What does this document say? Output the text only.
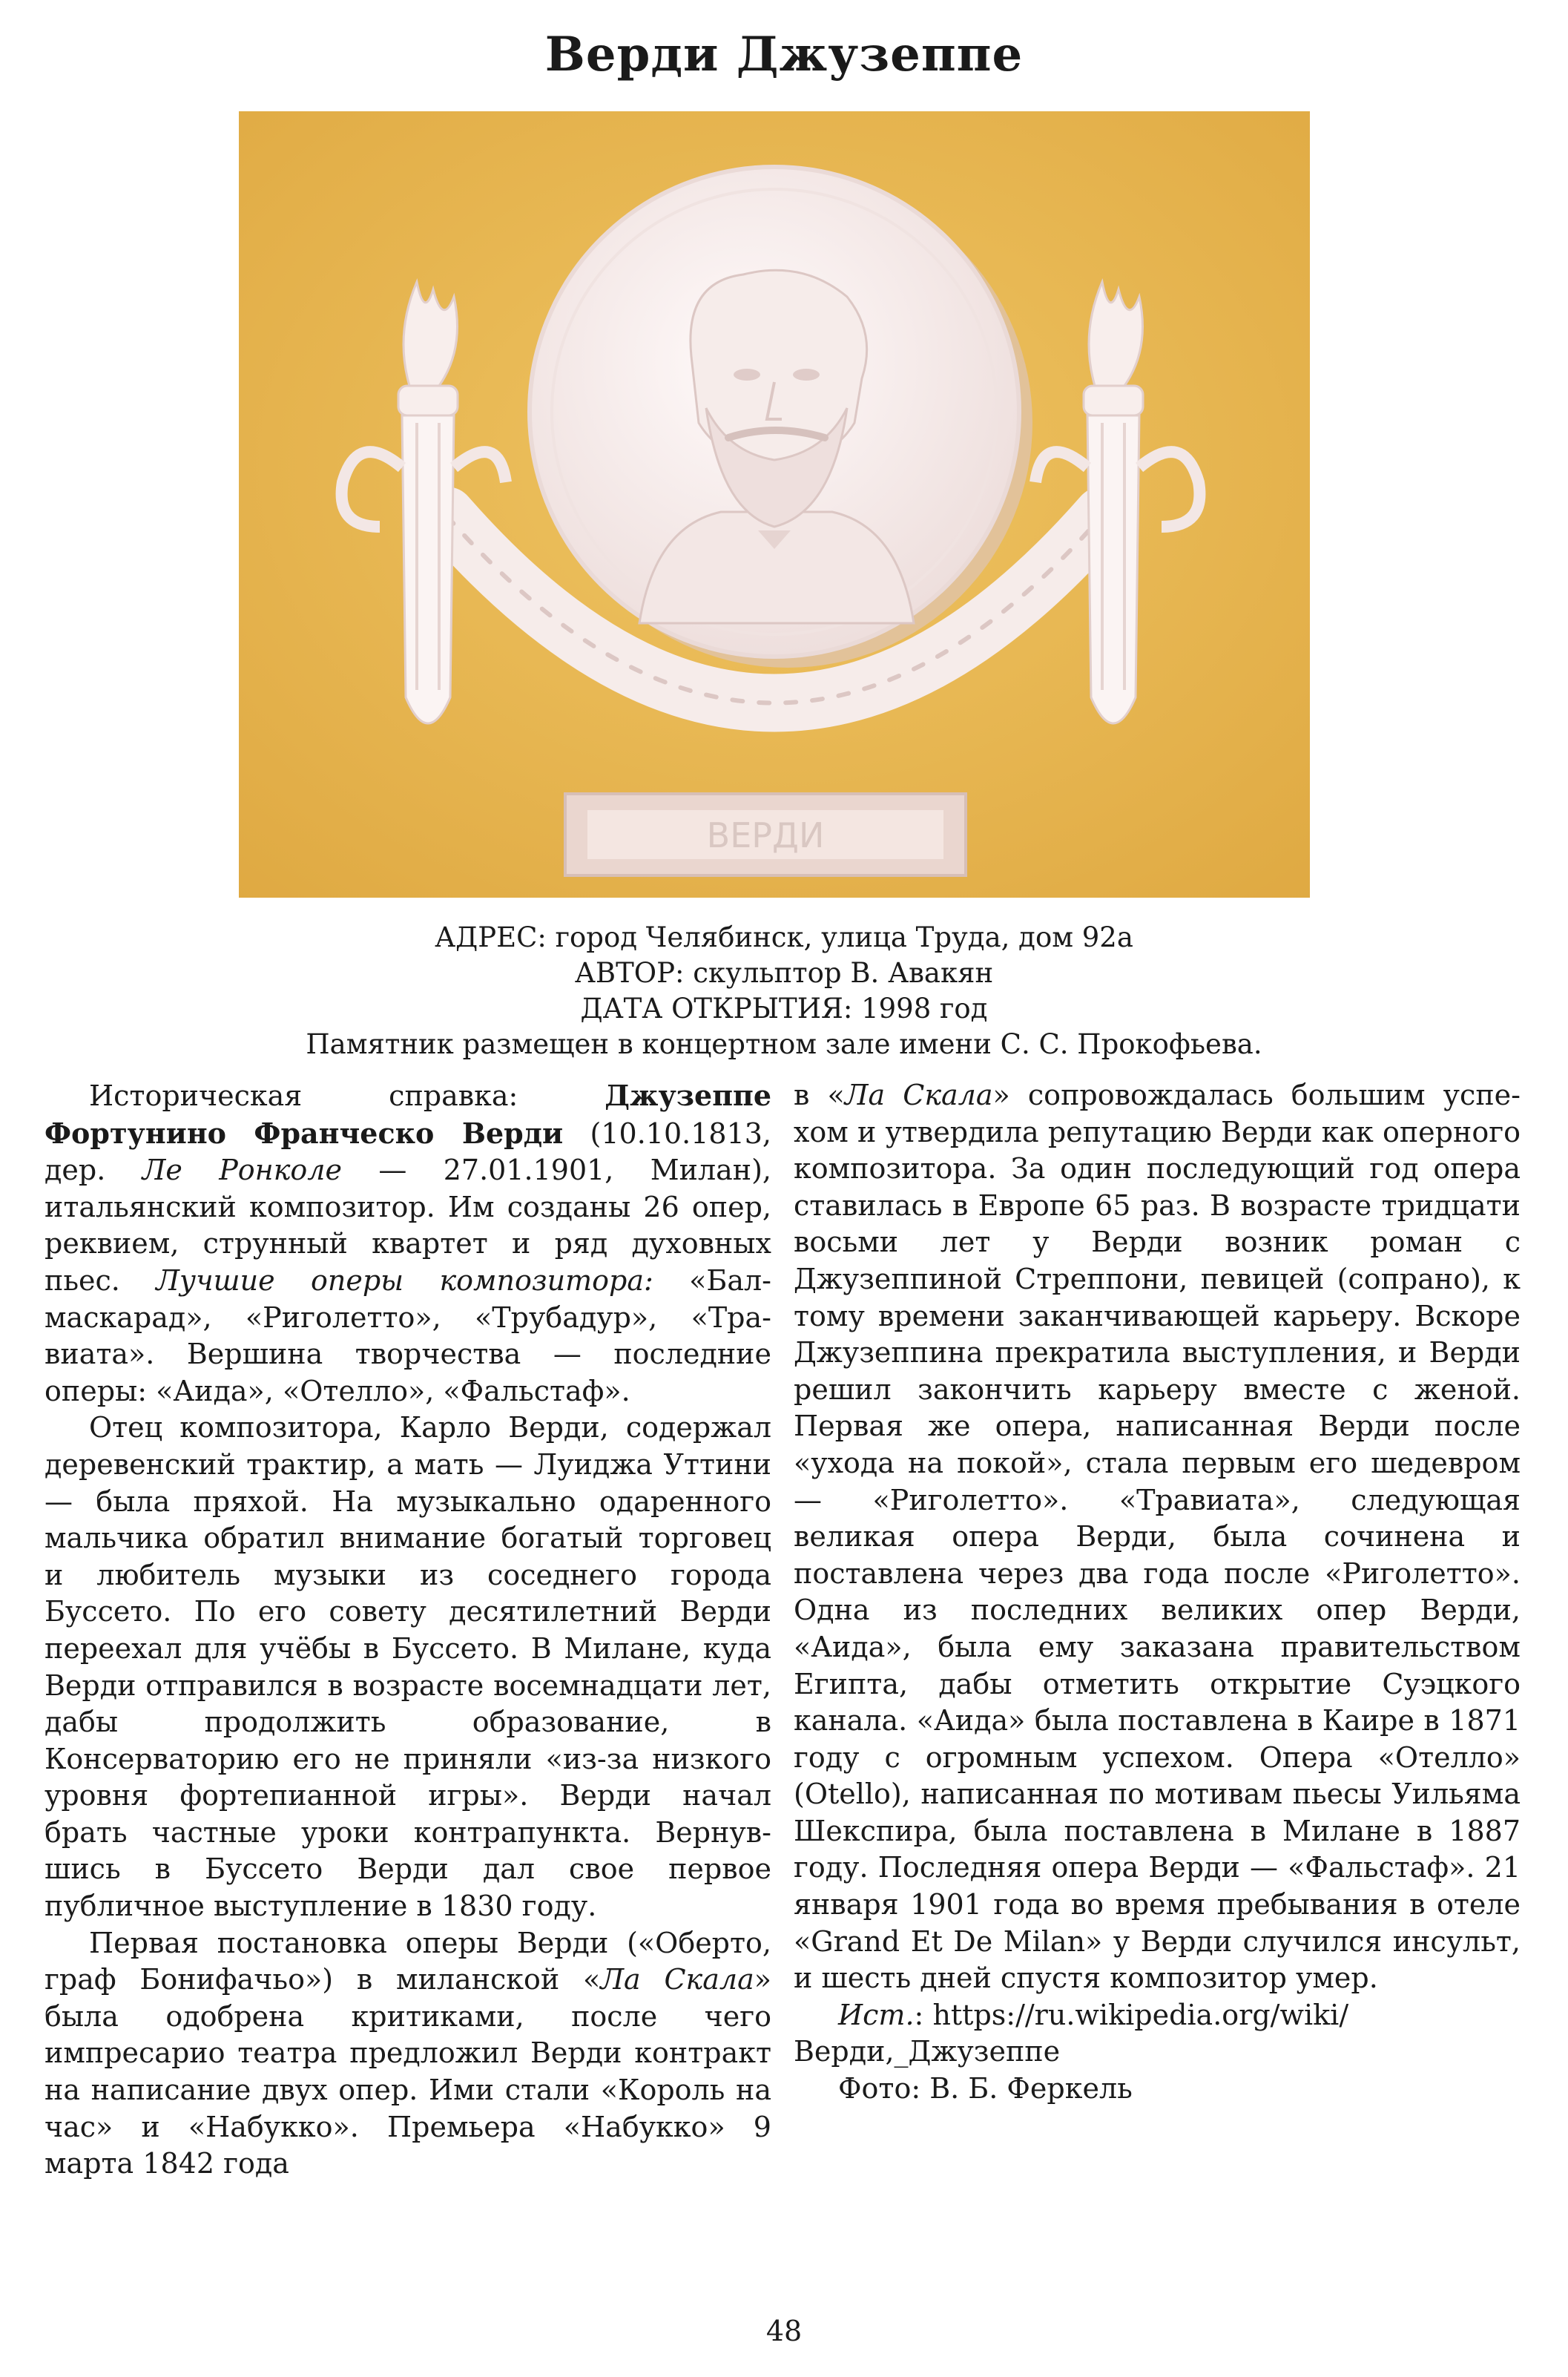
Верди Джузеппе
ВЕРДИ
АДРЕС: город Челябинск, улица Труда, дом 92а
АВТОР: скульптор В. Авакян
ДАТА ОТКРЫТИЯ: 1998 год
Памятник размещен в концертном зале имени С. С. Прокофьева.

Историческая справка: Джузеппе Фортунино Франческо Верди (10.10.1813, дер. Ле Ронколе — 27.01.1901, Милан), итальянский композитор. Им созданы 26 опер, реквием, струнный квартет и ряд духовных пьес. Лучшие оперы композитора: «Бал-маскарад», «Риголетто», «Трубадур», «Травиата». Вершина творчества — последние оперы: «Аида», «Отелло», «Фальстаф».

Отец композитора, Карло Верди, содержал деревенский трактир, а мать — Луиджа Уттини — была пряхой. На музыкально одаренного мальчика обратил внимание богатый торговец и любитель музыки из соседнего города Буссето. По его совету десятилетний Верди переехал для учёбы в Буссето. В Милане, куда Верди отправился в возрасте восемнадцати лет, дабы продолжить образование, в Консерваторию его не приняли «из-за низкого уровня фортепианной игры». Верди начал брать частные уроки контрапункта. Вернувшись в Буссето Верди дал свое первое публичное выступление в 1830 году.

Первая постановка оперы Верди («Оберто, граф Бонифачьо») в миланской «Ла Скала» была одобрена критиками, после чего импресарио театра предложил Верди контракт на написание двух опер. Ими стали «Король на час» и «Набукко». Премьера «Набукко» 9 марта 1842 года

в «Ла Скала» сопровождалась большим успехом и утвердила репутацию Верди как оперного композитора. За один последующий год опера ставилась в Европе 65 раз. В возрасте тридцати восьми лет у Верди возник роман с Джузеппиной Стреппони, певицей (сопрано), к тому времени заканчивающей карьеру. Вскоре Джузеппина прекратила выступления, и Верди решил закончить карьеру вместе с женой. Первая же опера, написанная Верди после «ухода на покой», стала первым его шедевром — «Риголетто». «Травиата», следующая великая опера Верди, была сочинена и поставлена через два года после «Риголетто». Одна из последних великих опер Верди, «Аида», была ему заказана правительством Египта, дабы отметить открытие Суэцкого канала. «Аида» была поставлена в Каире в 1871 году с огромным успехом. Опера «Отелло» (Otello), написанная по мотивам пьесы Уильяма Шекспира, была поставлена в Милане в 1887 году. Последняя опера Верди — «Фальстаф». 21 января 1901 года во время пребывания в отеле «Grand Et De Milan» у Верди случился инсульт, и шесть дней спустя композитор умер.

Ист.: https://ru.wikipedia.org/wiki/Верди,_Джузеппе

Фото: В. Б. Феркель

48
